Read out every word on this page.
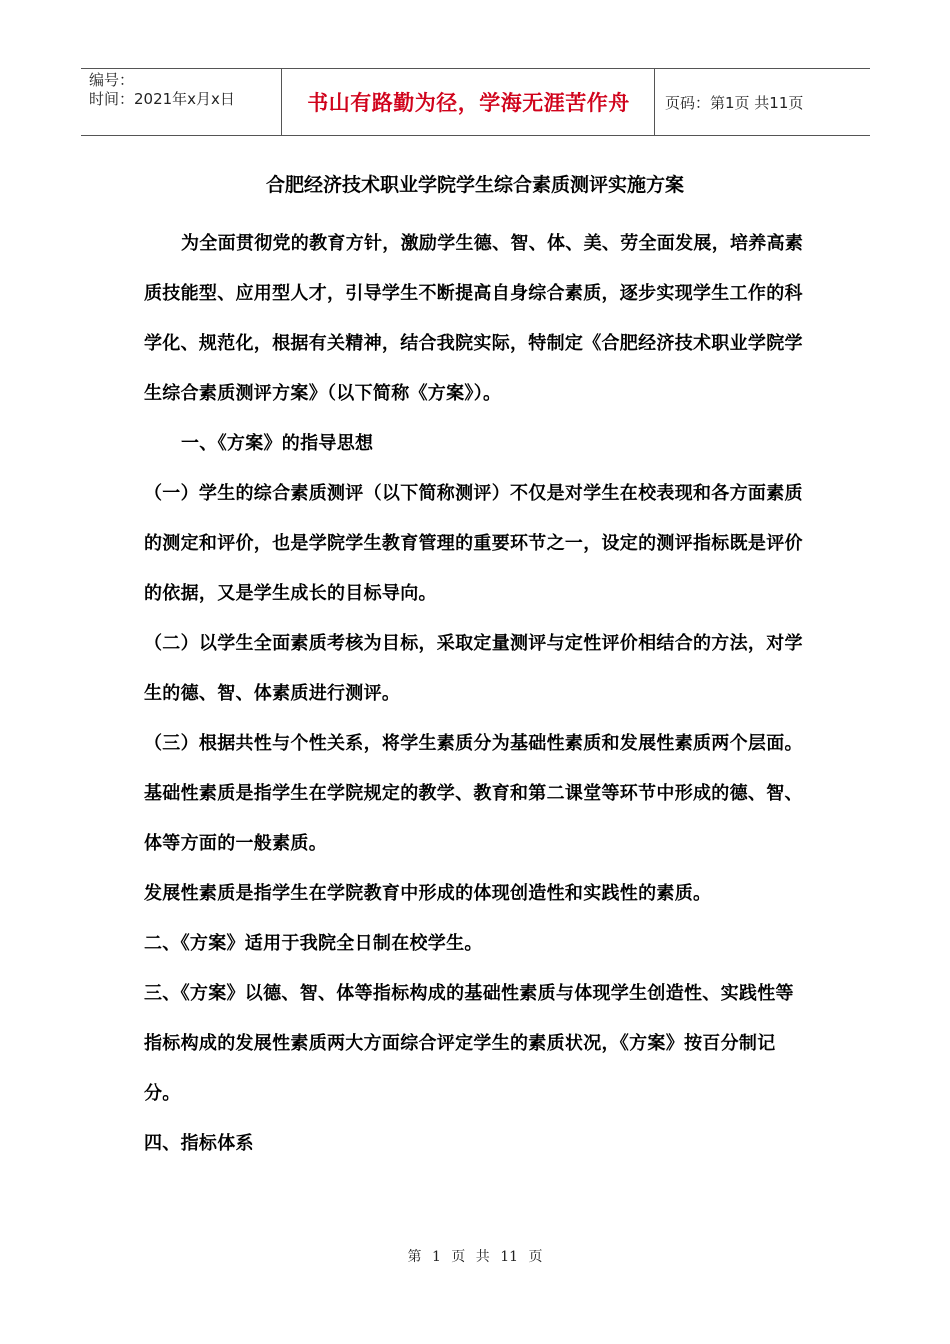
编号：
时间：2021年x月x日	书山有路勤为径，学海无涯苦作舟	页码：第1页 共11页
合肥经济技术职业学院学生综合素质测评实施方案

为全面贯彻党的教育方针，激励学生德、智、体、美、劳全面发展，培养高素质技能型、应用型人才，引导学生不断提高自身综合素质，逐步实现学生工作的科学化、规范化，根据有关精神，结合我院实际，特制定《合肥经济技术职业学院学生综合素质测评方案》（以下简称《方案》）。

一、《方案》的指导思想

（一）学生的综合素质测评（以下简称测评）不仅是对学生在校表现和各方面素质的测定和评价，也是学院学生教育管理的重要环节之一，设定的测评指标既是评价的依据，又是学生成长的目标导向。

（二）以学生全面素质考核为目标，采取定量测评与定性评价相结合的方法，对学生的德、智、体素质进行测评。

（三）根据共性与个性关系，将学生素质分为基础性素质和发展性素质两个层面。

基础性素质是指学生在学院规定的教学、教育和第二课堂等环节中形成的德、智、体等方面的一般素质。

发展性素质是指学生在学院教育中形成的体现创造性和实践性的素质。

二、《方案》适用于我院全日制在校学生。

三、《方案》以德、智、体等指标构成的基础性素质与体现学生创造性、实践性等指标构成的发展性素质两大方面综合评定学生的素质状况，《方案》按百分制记分。

四、指标体系

第 1 页 共 11 页
